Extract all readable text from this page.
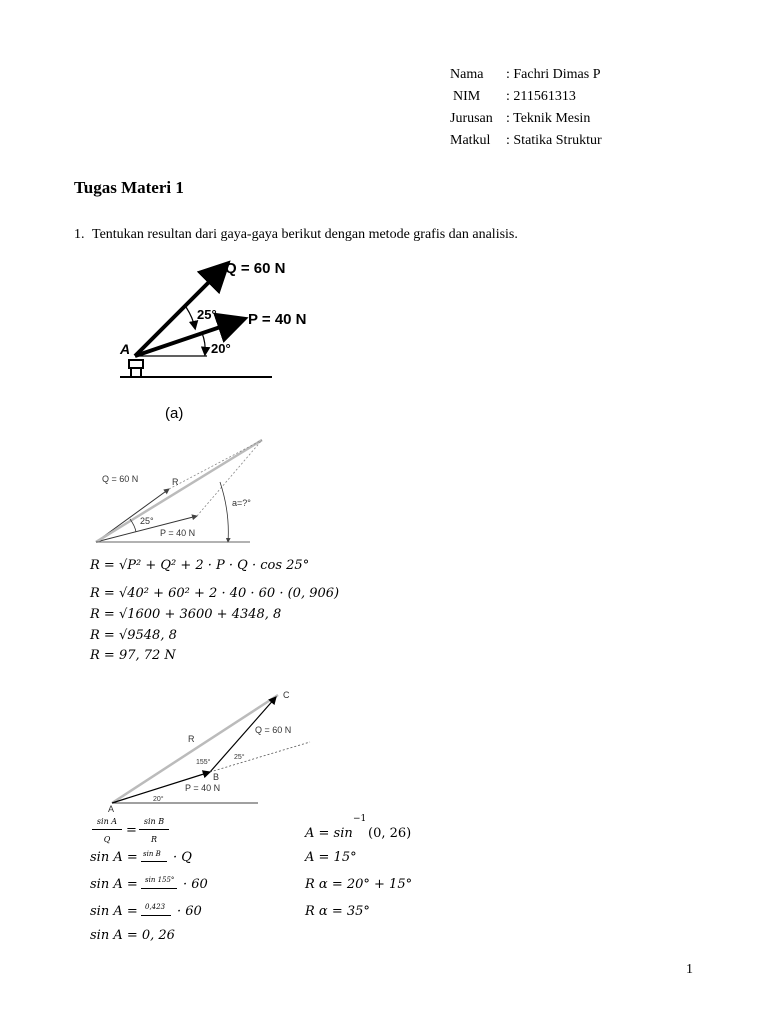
Nama : Fachri Dimas P
NIM : 211561313
Jurusan : Teknik Mesin
Matkul : Statika Struktur
Tugas Materi 1
1. Tentukan resultan dari gaya-gaya berikut dengan metode grafis dan analisis.
Q = 60 N
P = 40 N
25°
20°
A
(a)
Q = 60 N	R
25°
P = 40 N
a=?°
R = √P² + Q² + 2 · P · Q · cos 25°
R = √40² + 60² + 2 · 40 · 60 · (0, 906)
R = √1600 + 3600 + 4348, 8
R = √9548, 8
R = 97, 72 N
C
R
Q = 60 N
25°
155°
B
P = 40 N
20°
A
sin A
Q
=
sin B
R
sin A = sin B · Q
sin A = sin 155° · 60
sin A = 0,423 · 60
sin A = 0, 26
A = sin
−1
(0, 26)
A = 15°
R α = 20° + 15°
R α = 35°
1
